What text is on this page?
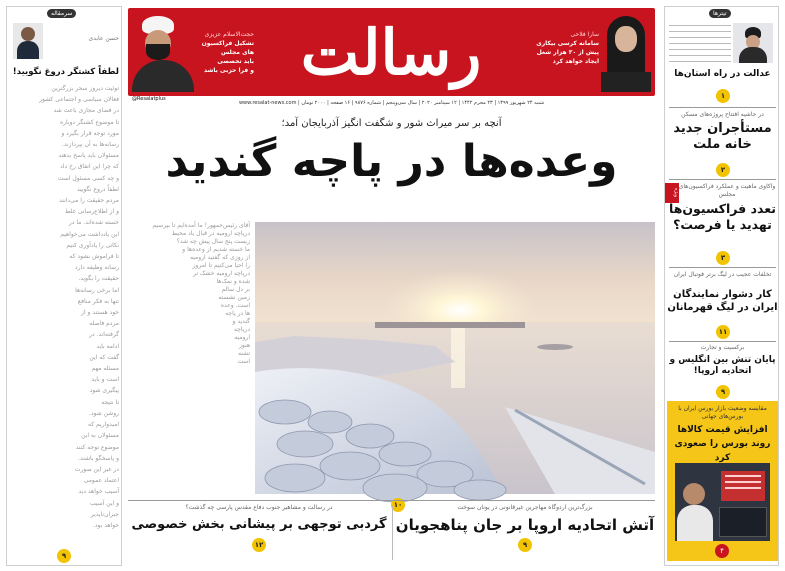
رسالت
حجت‌الاسلام عزیزی
تشکیل فراکسیون های مجلس
باید تخصصی
و فرا حزبی باشد
@Resalatplus
سارا فلاحی
سامانه کرسی بیکاری
پیش از ۳۰ هزار شغل
ایجاد خواهد کرد
شنبه ۲۴ شهریور ۱۳۹۹ | ۲۳ محرم ۱۴۴۲ | ۱۲ سپتامبر ۲۰۲۰ | سال سی‌وپنجم | شماره ۹۸۷۶ | ۱۶ صفحه | ۲۰۰۰ تومان | www.resalat-news.com
آنچه بر سر میراث شور و شگفت انگیز آذربایجان آمد؛
وعده‌ها در پاچه گندید
۱۰
آقای رئیس‌جمهور! ما آمده‌ایم تا بپرسیم
دریاچه ارومیه در قبال یاد محیط
زیست پنج سال پیش چه شد؟
ما خسته شدیم از وعده‌ها و
از روزی که گفتید ارومیه
را احیا می‌کنیم تا امروز
دریاچه ارومیه خشک تر
شده و نمک‌ها
بر دل سالم
زمین نشسته
است. وعده
ها در پاچه
گندید و
دریاچه
ارومیه
هنوز
تشنه
است
بزرگ‌ترین اردوگاه مهاجرین غیرقانونی در یونان سوخت
آتش اتحادیه اروپا بر جان پناهجویان
۹
در رسالت و مشاهیر جنوب دفاع مقدس پارسی چه گذشت؟
گردبی توجهی بر پیشانی بخش خصوصی
۱۲
سرمقاله
حسن عابدی
لطفاً کشتگر دروغ نگویید!
توئیت دیروز سحر بزرگترین
فعالان سیاسی و اجتماعی کشور
در فضای مجازی باعث شد
تا موضوع کشتگر دوباره
مورد توجه قرار بگیرد و
رسانه‌ها به آن بپردازند.
مسئولان باید پاسخ بدهند
که چرا این اتفاق رخ داد
و چه کسی مسئول است
لطفاً دروغ نگویید
مردم حقیقت را می‌دانند
و از اطلاع‌رسانی غلط
خسته شده‌اند. ما در
این یادداشت می‌خواهیم
نکاتی را یادآوری کنیم
تا فراموش نشود که
رسانه وظیفه دارد
حقیقت را بگوید.
اما برخی رسانه‌ها
تنها به فکر منافع
خود هستند و از
مردم فاصله
گرفته‌اند. در
ادامه باید
گفت که این
مسئله مهم
است و باید
پیگیری شود
تا نتیجه
روشن شود.
امیدواریم که
مسئولان به این
موضوع توجه کنند
و پاسخگو باشند.
در غیر این صورت
اعتماد عمومی
آسیب خواهد دید
و این آسیب
جبران‌ناپذیر
خواهد بود.
۹
تیترها
عدالت در راه استان‌ها
۱
در حاشیه افتتاح پروژه‌های مسکن
مستأجران جدید خانه ملت
۲
واکاوی ماهیت و عملکرد فراکسیون‌های مجلس
ویژه
تعدد فراکسیون‌ها تهدید یا فرصت؟
۳
تخلفات عجیب در لیگ برتر فوتبال ایران
کار دشوار نمایندگان ایران در لیگ قهرمانان
۱۱
برکسیت و تجارت
پایان تنش بین انگلیس و اتحادیه اروپا!
۹
مقایسه وضعیت بازار بورس ایران با بورس‌های جهانی
افزایش قیمت کالاها روند بورس را صعودی کرد
۴
